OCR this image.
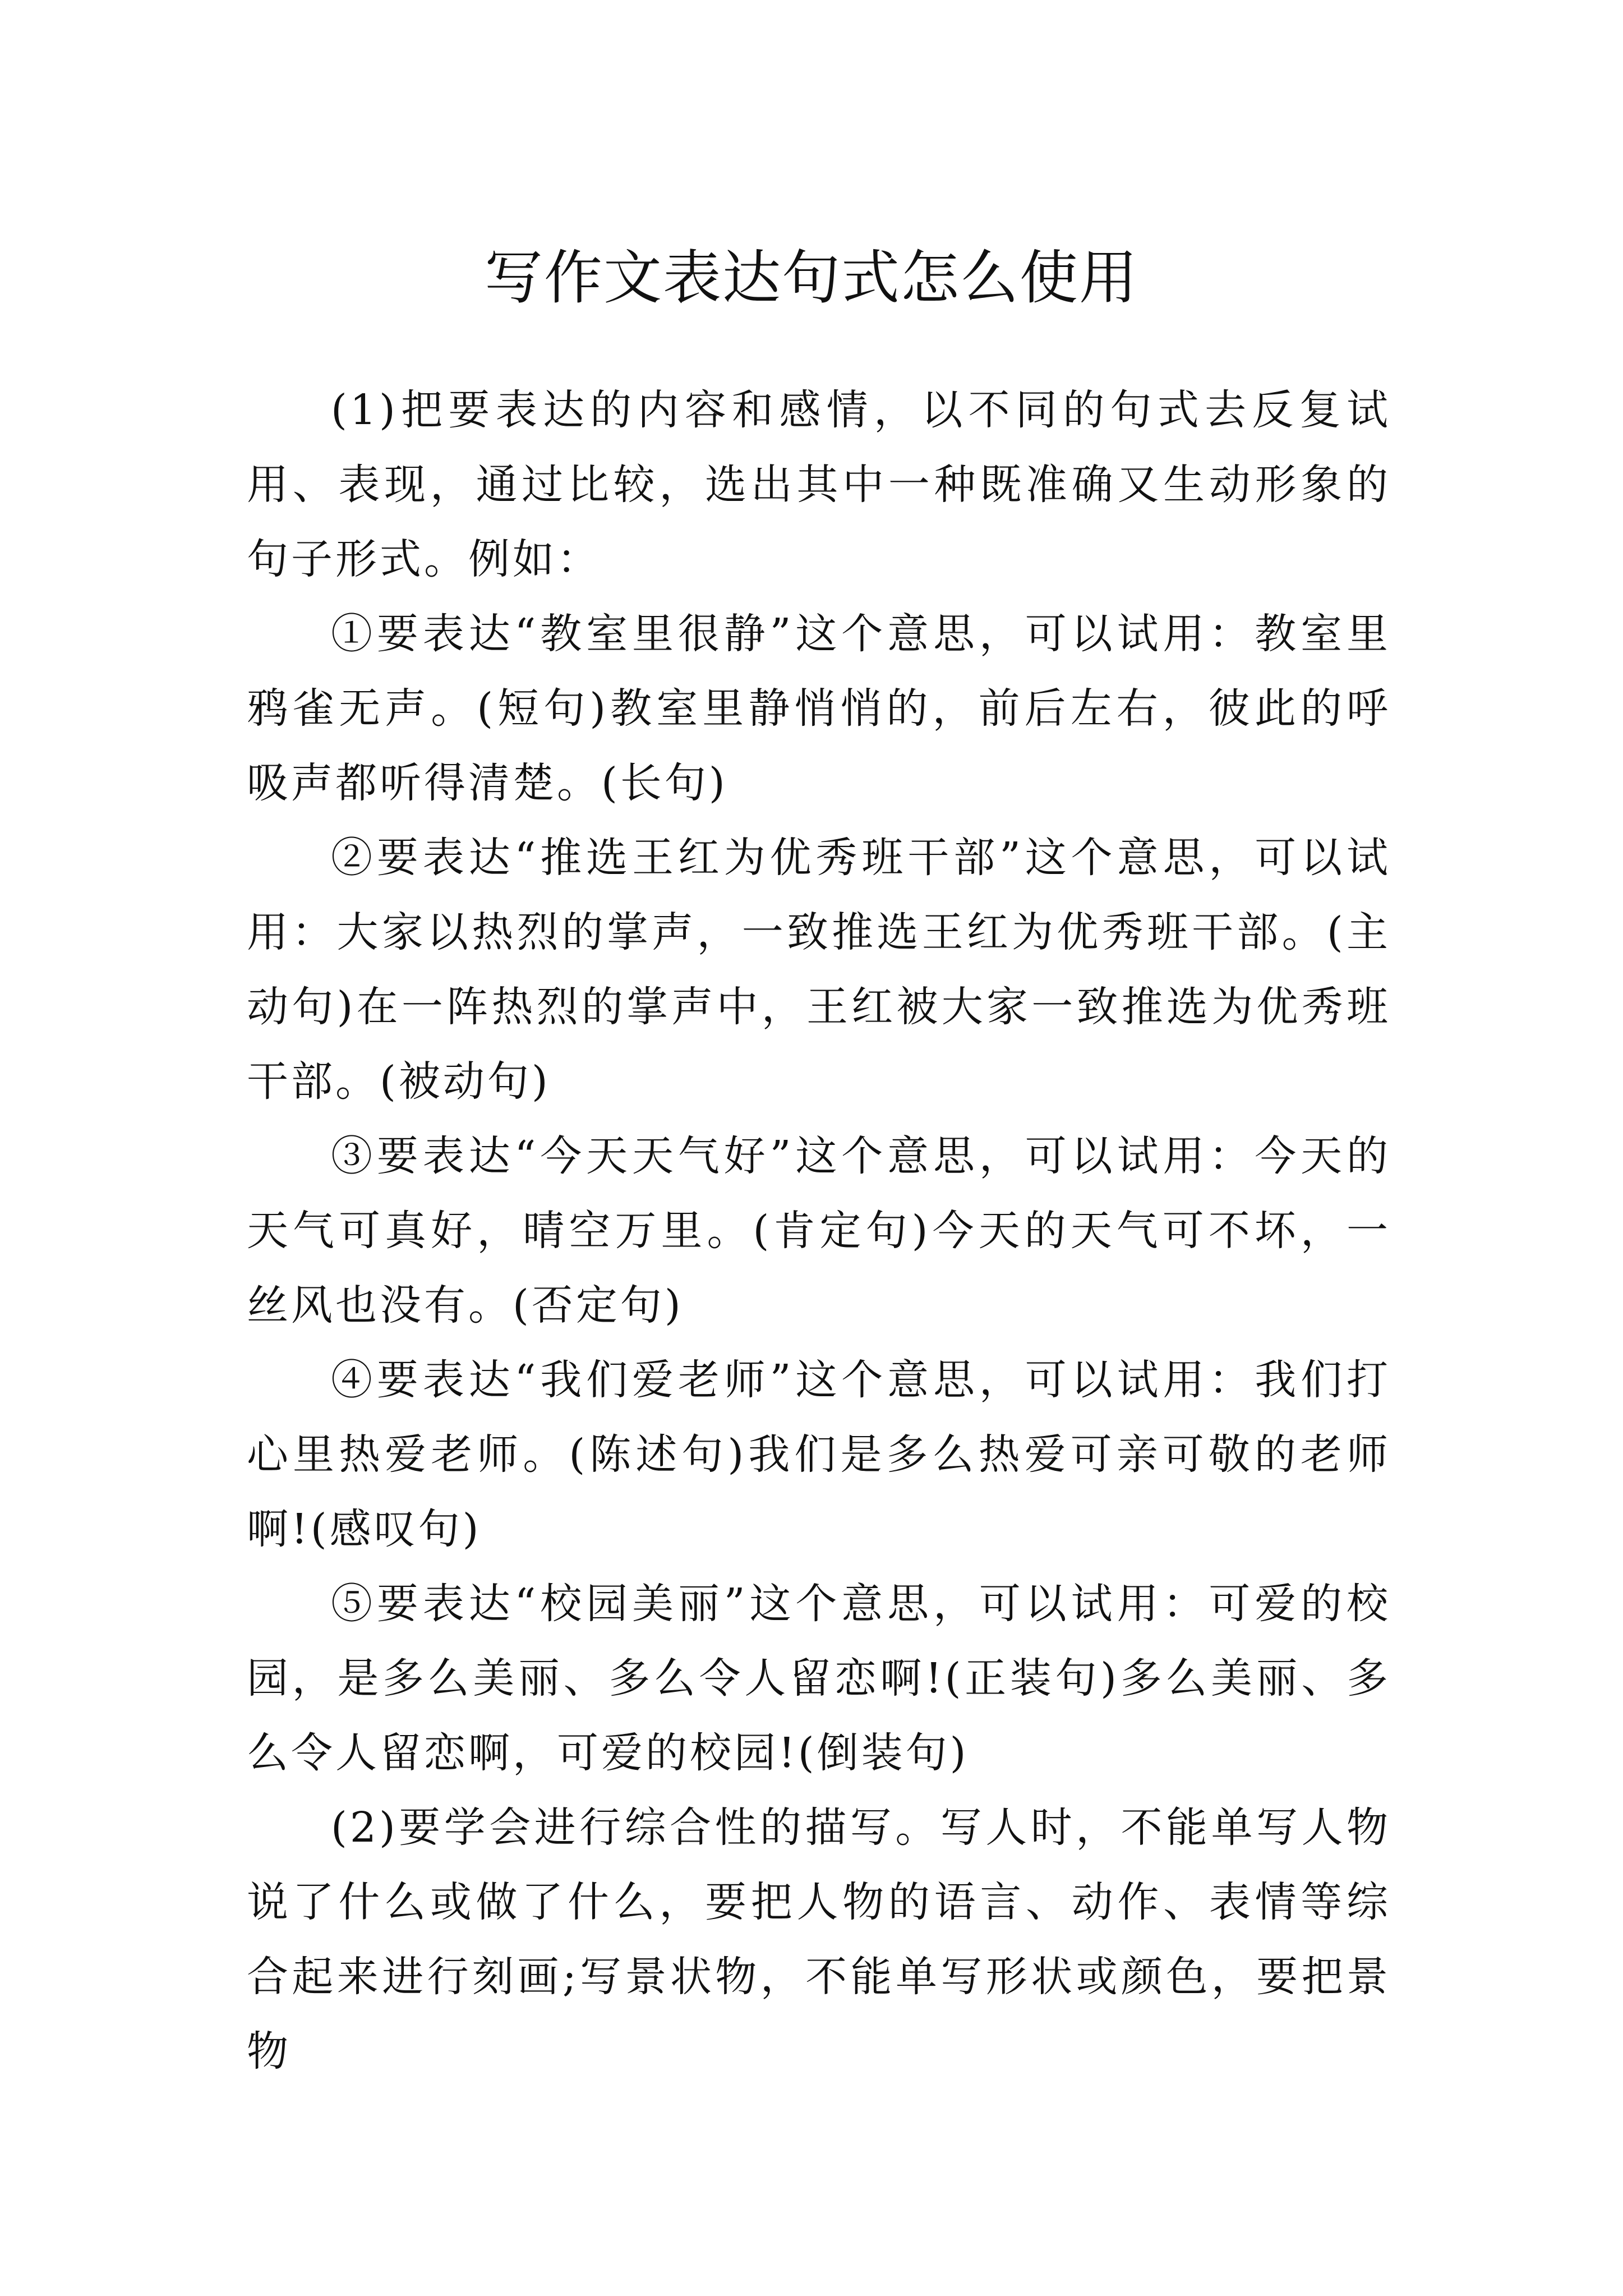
写作文表达句式怎么使用

(1)把要表达的内容和感情，以不同的句式去反复试用、表现，通过比较，选出其中一种既准确又生动形象的句子形式。例如：

①要表达“教室里很静”这个意思，可以试用：教室里鸦雀无声。(短句)教室里静悄悄的，前后左右，彼此的呼吸声都听得清楚。(长句)

②要表达“推选王红为优秀班干部”这个意思，可以试用：大家以热烈的掌声，一致推选王红为优秀班干部。(主动句)在一阵热烈的掌声中，王红被大家一致推选为优秀班干部。(被动句)

③要表达“今天天气好”这个意思，可以试用：今天的天气可真好，晴空万里。(肯定句)今天的天气可不坏，一丝风也没有。(否定句)

④要表达“我们爱老师”这个意思，可以试用：我们打心里热爱老师。(陈述句)我们是多么热爱可亲可敬的老师啊!(感叹句)

⑤要表达“校园美丽”这个意思，可以试用：可爱的校园，是多么美丽、多么令人留恋啊!(正装句)多么美丽、多么令人留恋啊，可爱的校园!(倒装句)

(2)要学会进行综合性的描写。写人时，不能单写人物说了什么或做了什么，要把人物的语言、动作、表情等综合起来进行刻画;写景状物，不能单写形状或颜色，要把景物
